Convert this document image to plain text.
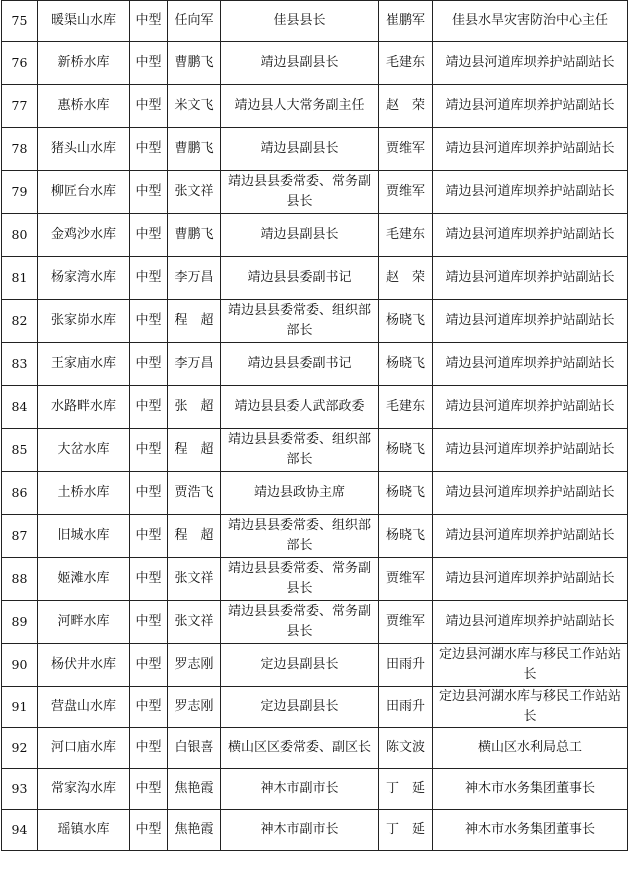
75	暖渠山水库	中型	任向军	佳县县长	崔鹏军	佳县水旱灾害防治中心主任
76	新桥水库	中型	曹鹏飞	靖边县副县长	毛建东	靖边县河道库坝养护站副站长
77	惠桥水库	中型	米文飞	靖边县人大常务副主任	赵　荣	靖边县河道库坝养护站副站长
78	猪头山水库	中型	曹鹏飞	靖边县副县长	贾维军	靖边县河道库坝养护站副站长
79	柳匠台水库	中型	张文祥	靖边县县委常委、常务副县长	贾维军	靖边县河道库坝养护站副站长
80	金鸡沙水库	中型	曹鹏飞	靖边县副县长	毛建东	靖边县河道库坝养护站副站长
81	杨家湾水库	中型	李万昌	靖边县县委副书记	赵　荣	靖边县河道库坝养护站副站长
82	张家峁水库	中型	程　超	靖边县县委常委、组织部部长	杨晓飞	靖边县河道库坝养护站副站长
83	王家庙水库	中型	李万昌	靖边县县委副书记	杨晓飞	靖边县河道库坝养护站副站长
84	水路畔水库	中型	张　超	靖边县县委人武部政委	毛建东	靖边县河道库坝养护站副站长
85	大岔水库	中型	程　超	靖边县县委常委、组织部部长	杨晓飞	靖边县河道库坝养护站副站长
86	土桥水库	中型	贾浩飞	靖边县政协主席	杨晓飞	靖边县河道库坝养护站副站长
87	旧城水库	中型	程　超	靖边县县委常委、组织部部长	杨晓飞	靖边县河道库坝养护站副站长
88	姬滩水库	中型	张文祥	靖边县县委常委、常务副县长	贾维军	靖边县河道库坝养护站副站长
89	河畔水库	中型	张文祥	靖边县县委常委、常务副县长	贾维军	靖边县河道库坝养护站副站长
90	杨伏井水库	中型	罗志刚	定边县副县长	田雨升	定边县河湖水库与移民工作站站长
91	营盘山水库	中型	罗志刚	定边县副县长	田雨升	定边县河湖水库与移民工作站站长
92	河口庙水库	中型	白银喜	横山区区委常委、副区长	陈文波	横山区水利局总工
93	常家沟水库	中型	焦艳霞	神木市副市长	丁　延	神木市水务集团董事长
94	瑶镇水库	中型	焦艳霞	神木市副市长	丁　延	神木市水务集团董事长
